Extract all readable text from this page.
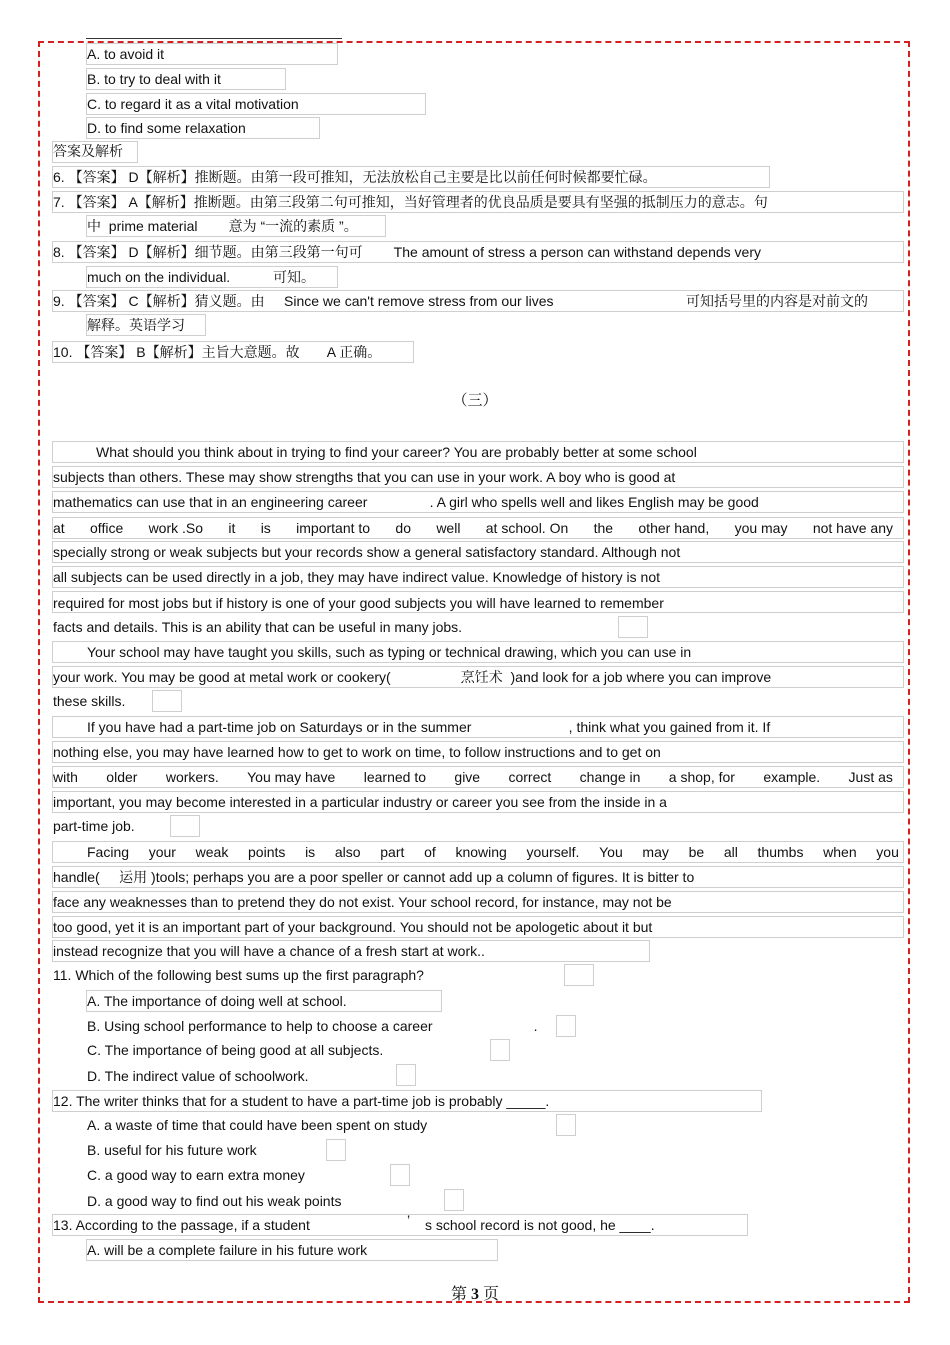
A. to avoid it
B. to try to deal with it
C. to regard it as a vital motivation
D. to find some relaxation
答案及解析
6. 【答案】 D【解析】推断题。由第一段可推知，无法放松自己主要是比以前任何时候都要忙碌。
7. 【答案】 A【解析】推断题。由第三段第二句可推知，当好管理者的优良品质是要具有坚强的抵制压力的意志。句
中  prime material        意为 “一流的素质 ”。
8. 【答案】 D【解析】细节题。由第三段第一句可        The amount of stress a person can withstand depends very
much on the individual.           可知。
9. 【答案】 C【解析】猜义题。由     Since we can't remove stress from our lives	可知括号里的内容是对前文的
解释。英语学习
10. 【答案】 B【解析】主旨大意题。故       A 正确。
（三）
What should you think about in trying to find your career? You are probably better at some school
subjects than others. These may show strengths that you can use in your work. A boy who is good at
mathematics can use that in an engineering career                . A girl who spells well and likes English may be good
at office work .So it is important to do well at school. On the other hand, you may not have any
specially strong or weak subjects but your records show a general satisfactory standard. Although not
all subjects can be used directly in a job, they may have indirect value. Knowledge of history is not
required for most jobs but if history is one of your good subjects you will have learned to remember
facts and details. This is an ability that can be useful in many jobs.
Your school may have taught you skills, such as typing or technical drawing, which you can use in
your work. You may be good at metal work or cookery(                  烹饪术  )and look for a job where you can improve
these skills.
If you have had a part-time job on Saturdays or in the summer                         , think what you gained from it. If
nothing else, you may have learned how to get to work on time, to follow instructions and to get on
with older workers. You may have learned to give correct change in a shop, for example. Just as
important, you may become interested in a particular industry or career you see from the inside in a
part-time job.
Facing your weak points is also part of knowing yourself. You may be all thumbs when you
handle(     运用 )tools; perhaps you are a poor speller or cannot add up a column of figures. It is bitter to
face any weaknesses than to pretend they do not exist. Your school record, for instance, may not be
too good, yet it is an important part of your background. You should not be apologetic about it but
instead recognize that you will have a chance of a fresh start at work..
11. Which of the following best sums up the first paragraph?
A. The importance of doing well at school.
B. Using school performance to help to choose a career                          .
C. The importance of being good at all subjects.
D. The indirect value of schoolwork.
12. The writer thinks that for a student to have a part-time job is probably _____.
A. a waste of time that could have been spent on study
B. useful for his future work
C. a good way to earn extra money
D. a good way to find out his weak points
13. According to the passage, if a student	’ s school record is not good, he ____.
A. will be a complete failure in his future work
第 3 页
